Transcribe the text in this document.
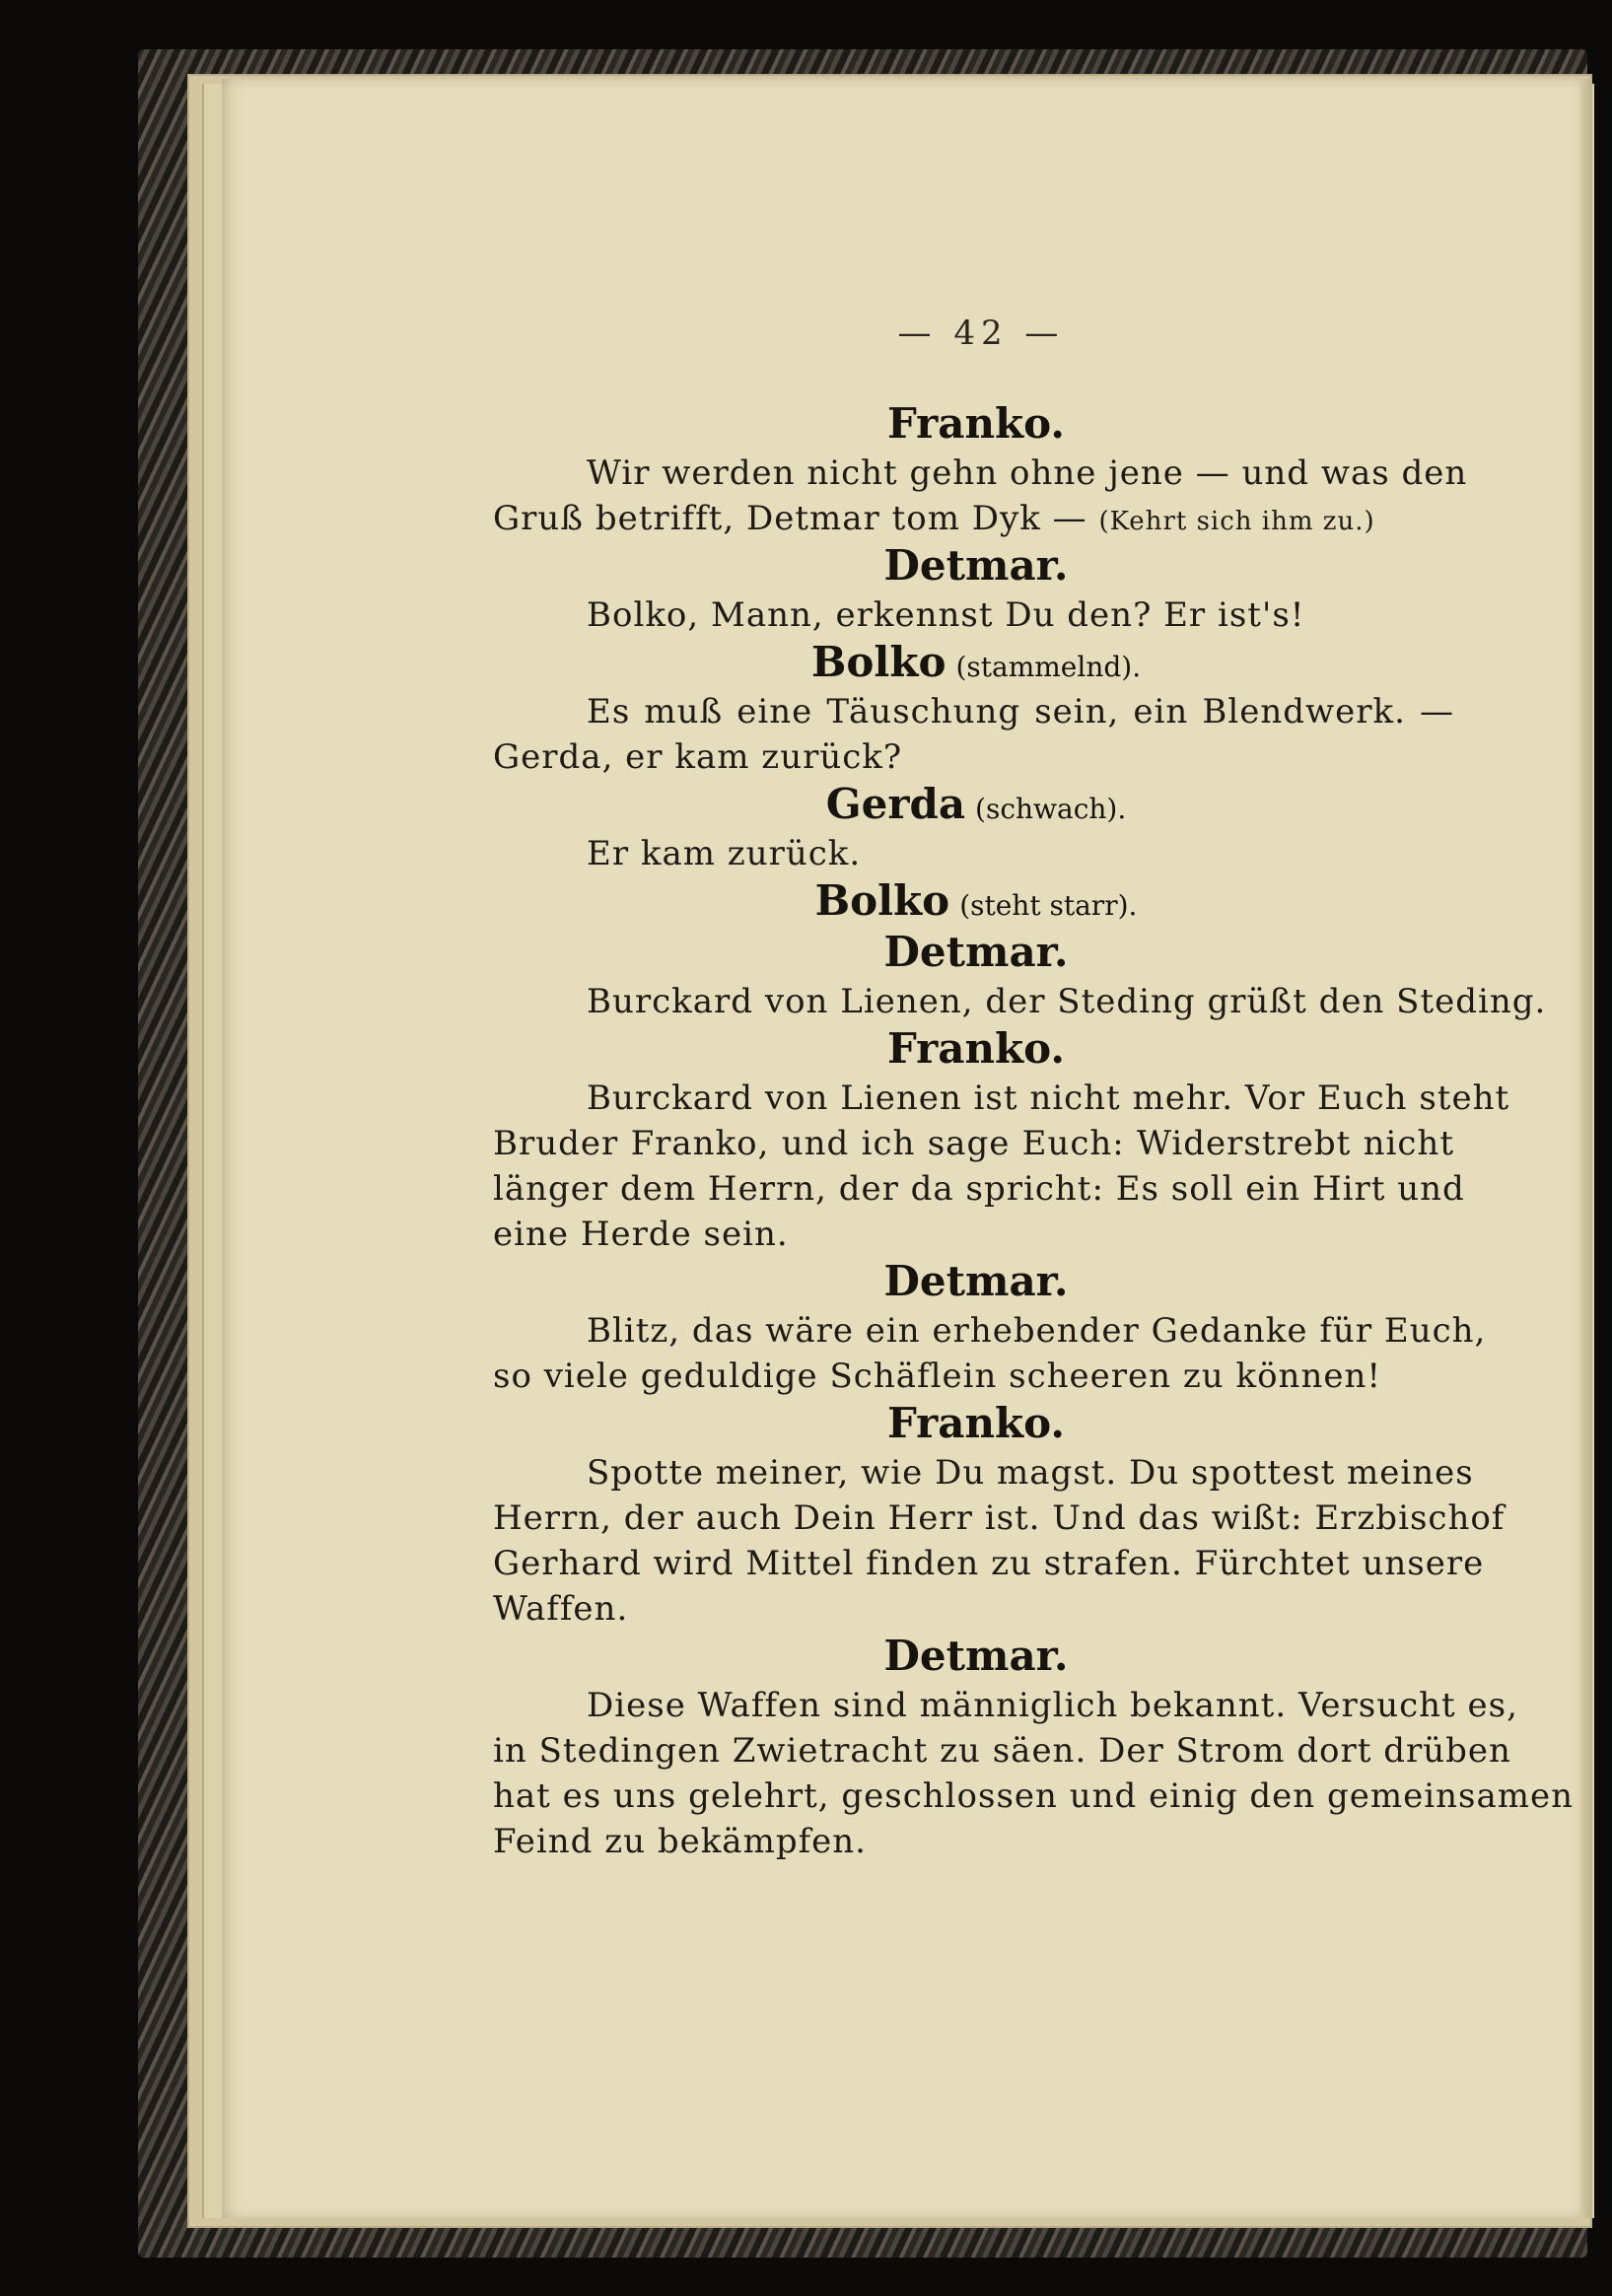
— 42 —
Franko.
Wir werden nicht gehn ohne jene — und was den
Gruß betrifft, Detmar tom Dyk — (Kehrt sich ihm zu.)
Detmar.
Bolko, Mann, erkennst Du den? Er ist's!
Bolko (stammelnd).
Es muß eine Täuschung sein, ein Blendwerk. —
Gerda, er kam zurück?
Gerda (schwach).
Er kam zurück.
Bolko (steht starr).
Detmar.
Burckard von Lienen, der Steding grüßt den Steding.
Franko.
Burckard von Lienen ist nicht mehr. Vor Euch steht
Bruder Franko, und ich sage Euch: Widerstrebt nicht
länger dem Herrn, der da spricht: Es soll ein Hirt und
eine Herde sein.
Detmar.
Blitz, das wäre ein erhebender Gedanke für Euch,
so viele geduldige Schäflein scheeren zu können!
Franko.
Spotte meiner, wie Du magst. Du spottest meines
Herrn, der auch Dein Herr ist. Und das wißt: Erzbischof
Gerhard wird Mittel finden zu strafen. Fürchtet unsere
Waffen.
Detmar.
Diese Waffen sind männiglich bekannt. Versucht es,
in Stedingen Zwietracht zu säen. Der Strom dort drüben
hat es uns gelehrt, geschlossen und einig den gemeinsamen
Feind zu bekämpfen.
